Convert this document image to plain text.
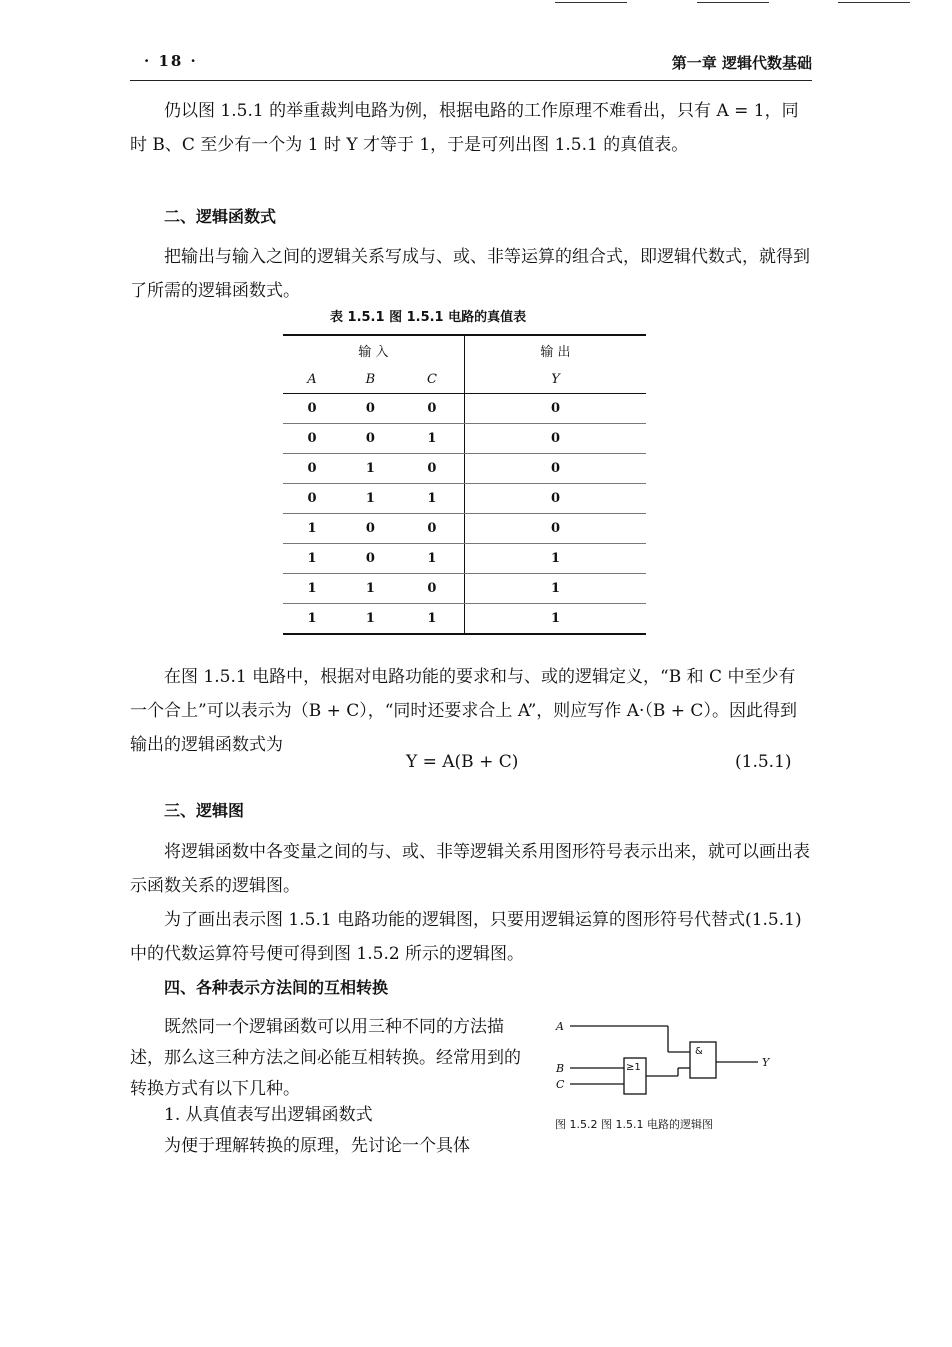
· 18 ·	第一章 逻辑代数基础

仍以图 1.5.1 的举重裁判电路为例，根据电路的工作原理不难看出，只有 A = 1，同时 B、C 至少有一个为 1 时 Y 才等于 1，于是可列出图 1.5.1 的真值表。

二、逻辑函数式

把输出与输入之间的逻辑关系写成与、或、非等运算的组合式，即逻辑代数式，就得到了所需的逻辑函数式。

表 1.5.1 图 1.5.1 电路的真值表
输 入			输 出
A	B	C	Y
0	0	0	0
0	0	1	0
0	1	0	0
0	1	1	0
1	0	0	0
1	0	1	1
1	1	0	1
1	1	1	1

在图 1.5.1 电路中，根据对电路功能的要求和与、或的逻辑定义，“B 和 C 中至少有一个合上”可以表示为（B + C），“同时还要求合上 A”，则应写作 A·（B + C）。因此得到输出的逻辑函数式为

Y = A(B + C)	(1.5.1)
三、逻辑图

将逻辑函数中各变量之间的与、或、非等逻辑关系用图形符号表示出来，就可以画出表示函数关系的逻辑图。

为了画出表示图 1.5.1 电路功能的逻辑图，只要用逻辑运算的图形符号代替式(1.5.1)中的代数运算符号便可得到图 1.5.2 所示的逻辑图。

四、各种表示方法间的互相转换

既然同一个逻辑函数可以用三种不同的方法描述，那么这三种方法之间必能互相转换。经常用到的转换方式有以下几种。

1. 从真值表写出逻辑函数式

为便于理解转换的原理，先讨论一个具体

A
B
C
Y
≥1
&
图 1.5.2 图 1.5.1 电路的逻辑图
